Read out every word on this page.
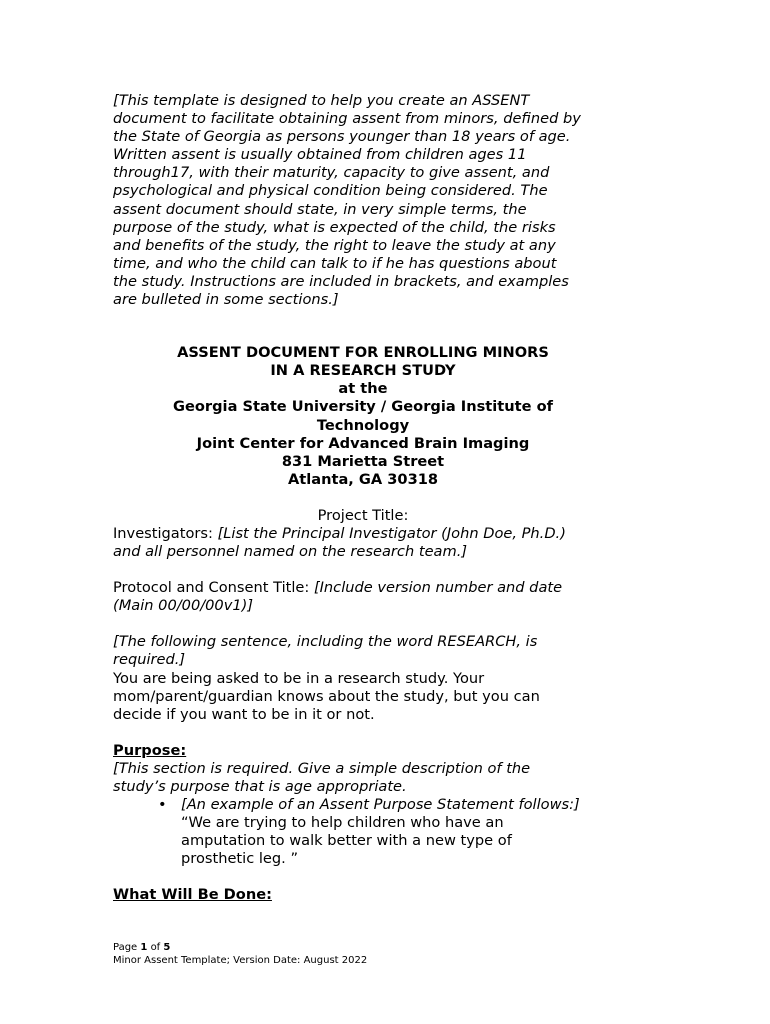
[This template is designed to help you create an ASSENT
document to facilitate obtaining assent from minors, defined by
the State of Georgia as persons younger than 18 years of age.
Written assent is usually obtained from children ages 11
through17, with their maturity, capacity to give assent, and
psychological and physical condition being considered. The
assent document should state, in very simple terms, the
purpose of the study, what is expected of the child, the risks
and benefits of the study, the right to leave the study at any
time, and who the child can talk to if he has questions about
the study. Instructions are included in brackets, and examples
are bulleted in some sections.]
ASSENT DOCUMENT FOR ENROLLING MINORS
IN A RESEARCH STUDY
at the
Georgia State University / Georgia Institute of
Technology
Joint Center for Advanced Brain Imaging
831 Marietta Street
Atlanta, GA 30318
Project Title:
Investigators: [List the Principal Investigator (John Doe, Ph.D.)
and all personnel named on the research team.]
Protocol and Consent Title: [Include version number and date
(Main 00/00/00v1)]
[The following sentence, including the word RESEARCH, is
required.]
You are being asked to be in a research study. Your
mom/parent/guardian knows about the study, but you can
decide if you want to be in it or not.
Purpose:
[This section is required. Give a simple description of the
study’s purpose that is age appropriate.
• [An example of an Assent Purpose Statement follows:]
“We are trying to help children who have an
amputation to walk better with a new type of
prosthetic leg. ”
What Will Be Done:
Page 1 of 5
Minor Assent Template; Version Date: August 2022
